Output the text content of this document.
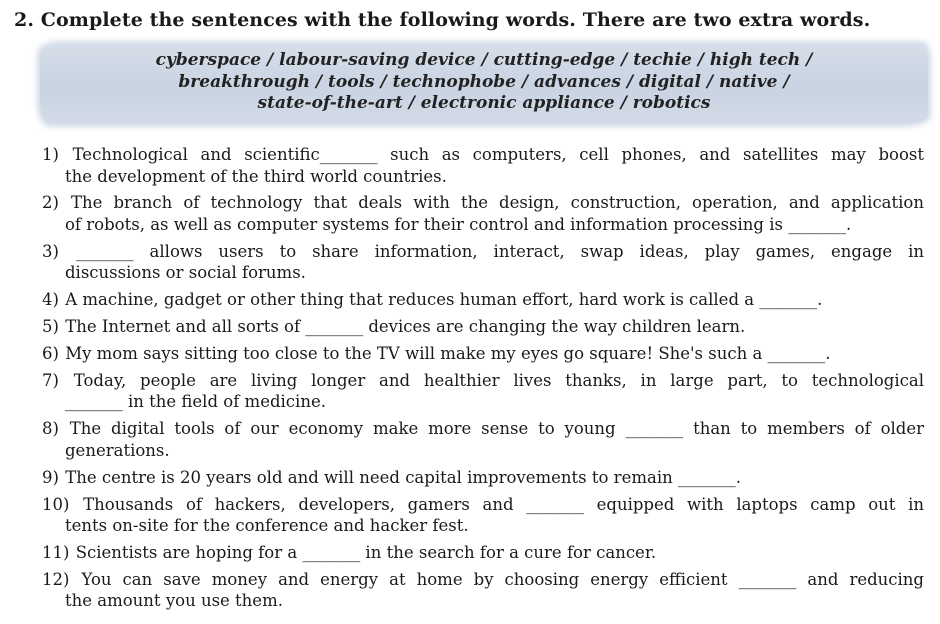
2. Complete the sentences with the following words. There are two extra words.
cyberspace / labour-saving device / cutting-edge / techie / high tech /
breakthrough / tools / technophobe / advances / digital / native /
state-of-the-art / electronic appliance / robotics
1) Technological and scientific_______ such as computers, cell phones, and satellites may boost
the development of the third world countries.
2) The branch of technology that deals with the design, construction, operation, and application
of robots, as well as computer systems for their control and information processing is _______.
3) _______ allows users to share information, interact, swap ideas, play games, engage in
discussions or social forums.
4) A machine, gadget or other thing that reduces human effort, hard work is called a _______.
5) The Internet and all sorts of _______ devices are changing the way children learn.
6) My mom says sitting too close to the TV will make my eyes go square! She's such a _______.
7) Today, people are living longer and healthier lives thanks, in large part, to technological
_______ in the field of medicine.
8) The digital tools of our economy make more sense to young _______ than to members of older
generations.
9) The centre is 20 years old and will need capital improvements to remain _______.
10) Thousands of hackers, developers, gamers and _______ equipped with laptops camp out in
tents on-site for the conference and hacker fest.
11) Scientists are hoping for a _______ in the search for a cure for cancer.
12) You can save money and energy at home by choosing energy efficient _______ and reducing
the amount you use them.
